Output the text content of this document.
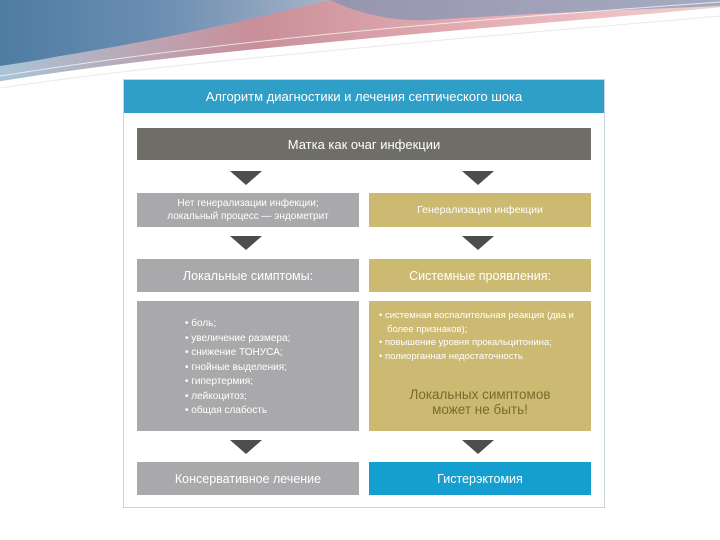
Алгоритм диагностики и лечения септического шока
Матка как очаг инфекции
Нет генерализации инфекции;
локальный процесс — эндометрит
Генерализация инфекции
Локальные симптомы:	Системные проявления:
• боль;
• увеличение размера;
• снижение ТОНУСА;
• гнойные выделения;
• гипертермия;
• лейкоцитоз;
• общая слабость
• системная воспалительная реакция (два и более признаков);
• повышение уровня прокальцитонина;
• полиорганная недостаточность
Локальных симптомов
может не быть!
Консервативное лечение	Гистерэктомия
